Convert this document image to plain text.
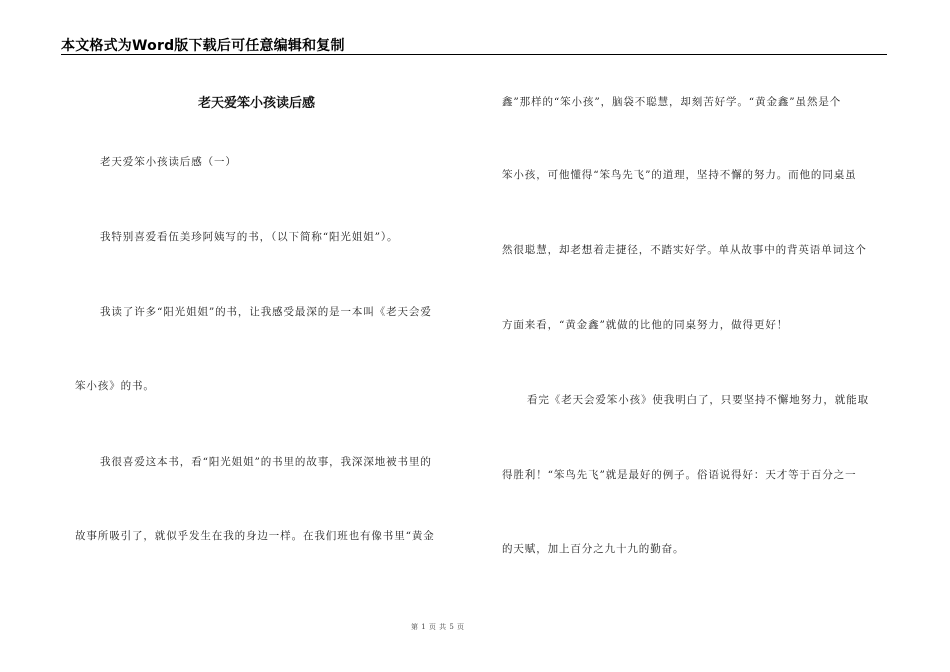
本文格式为Word版下载后可任意编辑和复制
老天爱笨小孩读后感
老天爱笨小孩读后感（一）
我特别喜爱看伍美珍阿姨写的书，（以下简称“阳光姐姐”）。
我读了许多“阳光姐姐”的书，让我感受最深的是一本叫《老天会爱
笨小孩》的书。
我很喜爱这本书，看“阳光姐姐”的书里的故事，我深深地被书里的
故事所吸引了，就似乎发生在我的身边一样。在我们班也有像书里“黄金
鑫”那样的“笨小孩”，脑袋不聪慧，却刻苦好学。“黄金鑫”虽然是个
笨小孩，可他懂得“笨鸟先飞”的道理，坚持不懈的努力。而他的同桌虽
然很聪慧，却老想着走捷径，不踏实好学。单从故事中的背英语单词这个
方面来看，“黄金鑫”就做的比他的同桌努力，做得更好！
看完《老天会爱笨小孩》使我明白了，只要坚持不懈地努力，就能取
得胜利！“笨鸟先飞”就是最好的例子。俗语说得好：天才等于百分之一
的天赋，加上百分之九十九的勤奋。
第 1 页 共 5 页
